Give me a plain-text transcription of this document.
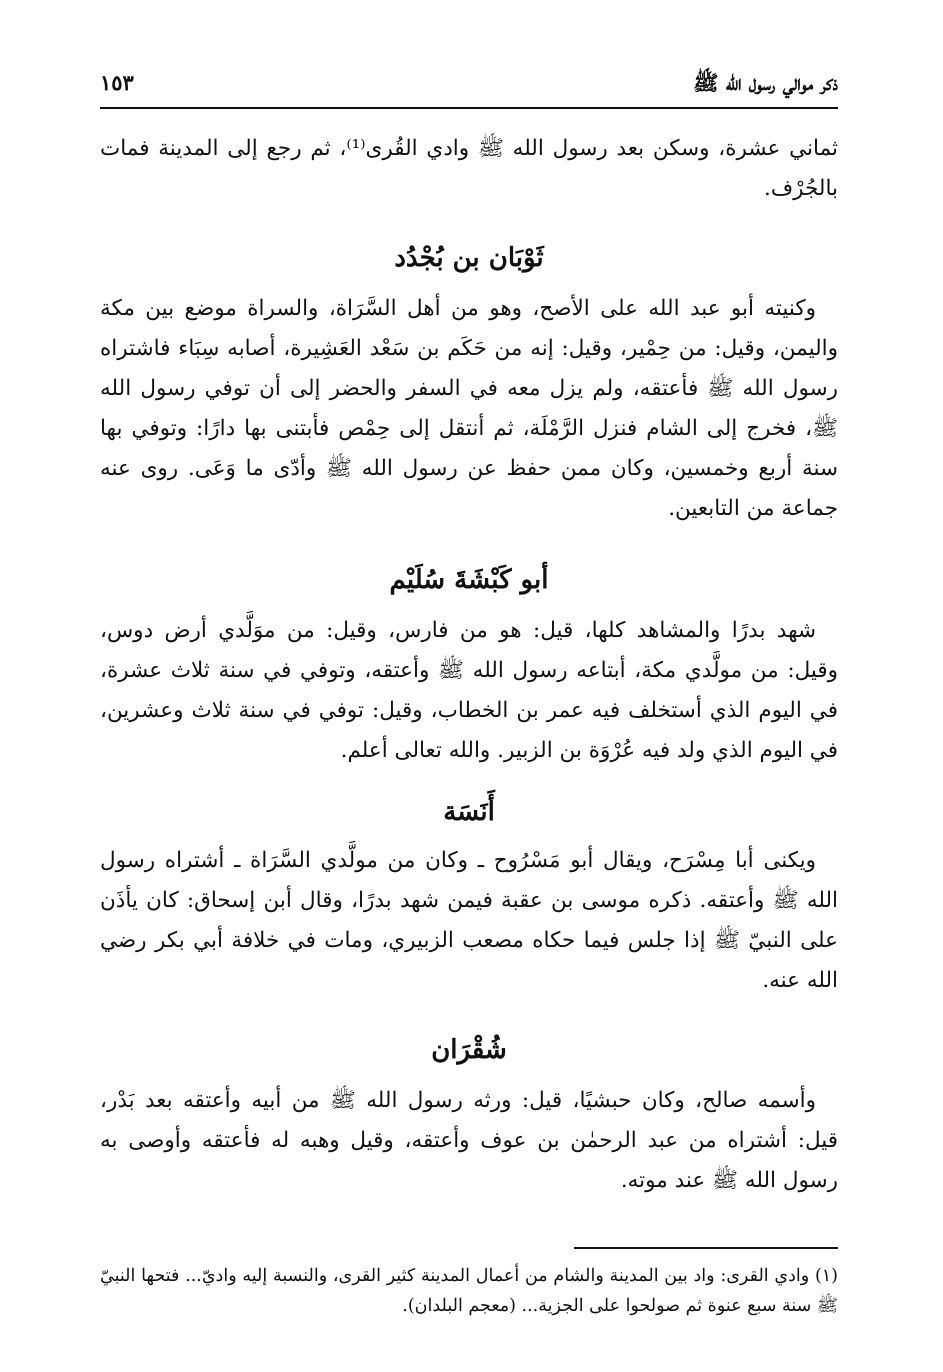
ذكر موالي رسول الله ﷺ
١٥٣

ثماني عشرة، وسكن بعد رسول الله ﷺ وادي القُرى⁽¹⁾، ثم رجع إلى المدينة فمات بالجُرْف.

ثَوْبَان بن بُجْدُد

وكنيته أبو عبد الله على الأصح، وهو من أهل السَّرَاة، والسراة موضع بين مكة واليمن، وقيل: من حِمْير، وقيل: إنه من حَكَم بن سَعْد العَشِيرة، أصابه سِبَاء فاشتراه رسول الله ﷺ فأعتقه، ولم يزل معه في السفر والحضر إلى أن توفي رسول الله ﷺ، فخرج إلى الشام فنزل الرَّمْلَة، ثم أنتقل إلى حِمْص فأبتنى بها دارًا: وتوفي بها سنة أربع وخمسين، وكان ممن حفظ عن رسول الله ﷺ وأدّى ما وَعَى. روى عنه جماعة من التابعين.

أبو كَبْشَةَ سُلَيْم

شهد بدرًا والمشاهد كلها، قيل: هو من فارس، وقيل: من موَلَّدي أرض دوس، وقيل: من مولَّدي مكة، أبتاعه رسول الله ﷺ وأعتقه، وتوفي في سنة ثلاث عشرة، في اليوم الذي أستخلف فيه عمر بن الخطاب، وقيل: توفي في سنة ثلاث وعشرين، في اليوم الذي ولد فيه عُرْوَة بن الزبير. والله تعالى أعلم.

أَنَسَة

ويكنى أبا مِسْرَح، ويقال أبو مَسْرُوح ـ وكان من مولَّدي السَّرَاة ـ أشتراه رسول الله ﷺ وأعتقه. ذكره موسى بن عقبة فيمن شهد بدرًا، وقال أبن إسحاق: كان يأذَن على النبيّ ﷺ إذا جلس فيما حكاه مصعب الزبيري، ومات في خلافة أبي بكر رضي الله عنه.

شُقْرَان

وأسمه صالح، وكان حبشيًا، قيل: ورثه رسول الله ﷺ من أبيه وأعتقه بعد بَدْر، قيل: أشتراه من عبد الرحمٰن بن عوف وأعتقه، وقيل وهبه له فأعتقه وأوصى به رسول الله ﷺ عند موته.

(١) وادي القرى: واد بين المدينة والشام من أعمال المدينة كثير القرى، والنسبة إليه واديّ... فتحها النبيّ ﷺ سنة سبع عنوة ثم صولحوا على الجزية... (معجم البلدان).
